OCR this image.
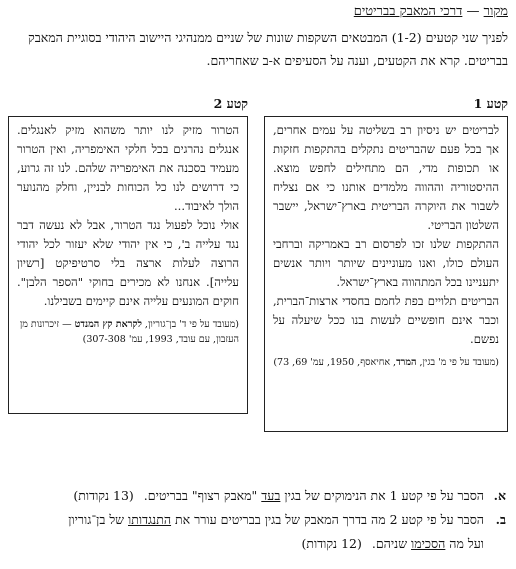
מקור — דרכי המאבק בבריטים
לפניך שני קטעים (1-2) המבטאים השקפות שונות של שניים ממנהיגי היישוב היהודי בסוגיית המאבק בבריטים. קרא את הקטעים, וענה על הסעיפים א-ב שאחריהם.
קטע 1
קטע 2

לבריטים יש ניסיון רב בשליטה על עמים אחרים, אך בכל פעם שהבריטים נתקלים בהתקפות חזקות או תכופות מדי, הם מתחילים לחפש מוצא. ההיסטוריה וההווה מלמדים אותנו כי אם נצליח לשבור את היוקרה הבריטית בארץ־ישראל, יישבר השלטון הבריטי.

ההתקפות שלנו זכו לפרסום רב באמריקה וברחבי העולם כולו, ואנו מעוניינים שיותר ויותר אנשים יתעניינו בכל המתהווה בארץ־ישראל.

הבריטים תלויים בפת לחמם בחסדי ארצות־הברית, וכבר אינם חופשיים לעשות בנו ככל שיעלה על נפשם.

(מעובד על פי מ' בגין, המרד, אחיאסף, 1950, עמ' 69, 73)

הטרור מזיק לנו יותר משהוא מזיק לאנגלים. אנגלים נהרגים בכל חלקי האימפריה, ואין הטרור מעמיד בסכנה את האימפריה שלהם. לנו זה גרוע, כי דרושים לנו כל הכוחות לבניין, וחלק מהנוער הולך לאיבוד...

אולי נוכל לפעול נגד הטרור, אבל לא נעשה דבר נגד עלייה ב', כי אין יהודי שלא יעזור לכל יהודי הרוצה לעלות ארצה בלי סרטיפיקט [רשיון עלייה]. אנחנו לא מכירים בחוקי "הספר הלבן". חוקים המונעים עלייה אינם קיימים בשבילנו.

(מעובד על פי ד' בן־גוריון, לקראת קץ המנדט — זיכרונות מן העזבון, עם עובד, 1993, עמ' 307-308)
א.
הסבר על פי קטע 1 את הנימוקים של בגין בעד "מאבק רצוף" בבריטים.(13 נקודות)
ב.
הסבר על פי קטע 2 מה בדרך המאבק של בגין בבריטים עורר את התנגדותו של בן־גוריון
ועל מה הסכימו שניהם.(12 נקודות)
